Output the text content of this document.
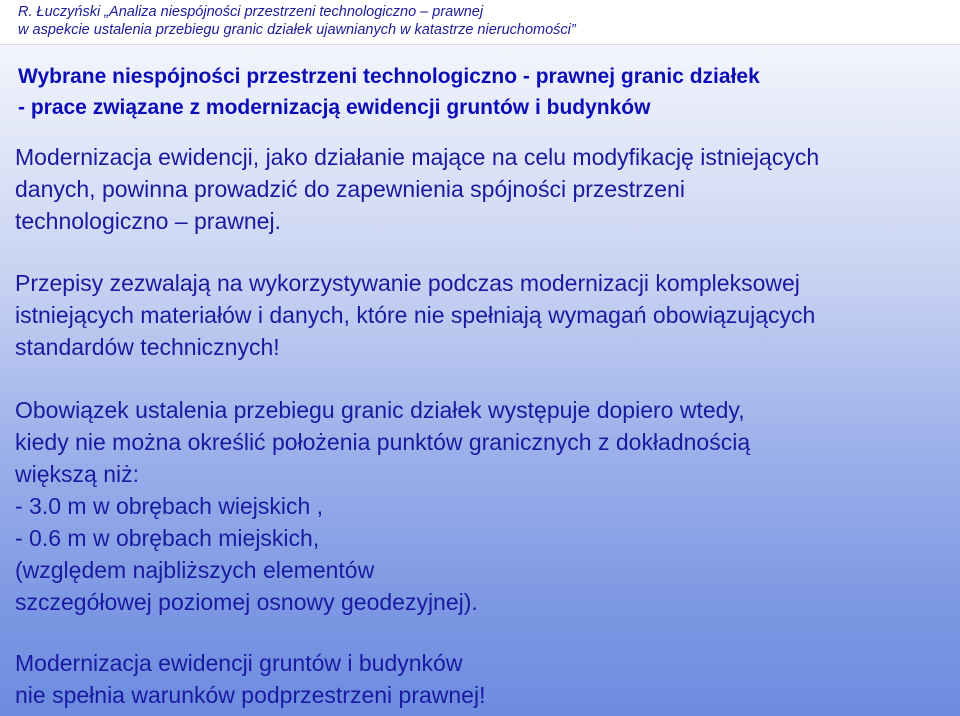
R. Łuczyński „Analiza niespójności przestrzeni technologiczno – prawnej
w aspekcie ustalenia przebiegu granic działek ujawnianych w katastrze nieruchomości”
Wybrane niespójności przestrzeni technologiczno - prawnej granic działek
- prace związane z modernizacją ewidencji gruntów i budynków
Modernizacja ewidencji, jako działanie mające na celu modyfikację istniejących
danych, powinna prowadzić do zapewnienia spójności przestrzeni
technologiczno – prawnej.
Przepisy zezwalają na wykorzystywanie podczas modernizacji kompleksowej
istniejących materiałów i danych, które nie spełniają wymagań obowiązujących
standardów technicznych!
Obowiązek ustalenia przebiegu granic działek występuje dopiero wtedy,
kiedy nie można określić położenia punktów granicznych z dokładnością
większą niż:
- 3.0 m w obrębach wiejskich ,
- 0.6 m w obrębach miejskich,
(względem najbliższych elementów
szczegółowej poziomej osnowy geodezyjnej).
Modernizacja ewidencji gruntów i budynków
nie spełnia warunków podprzestrzeni prawnej!
